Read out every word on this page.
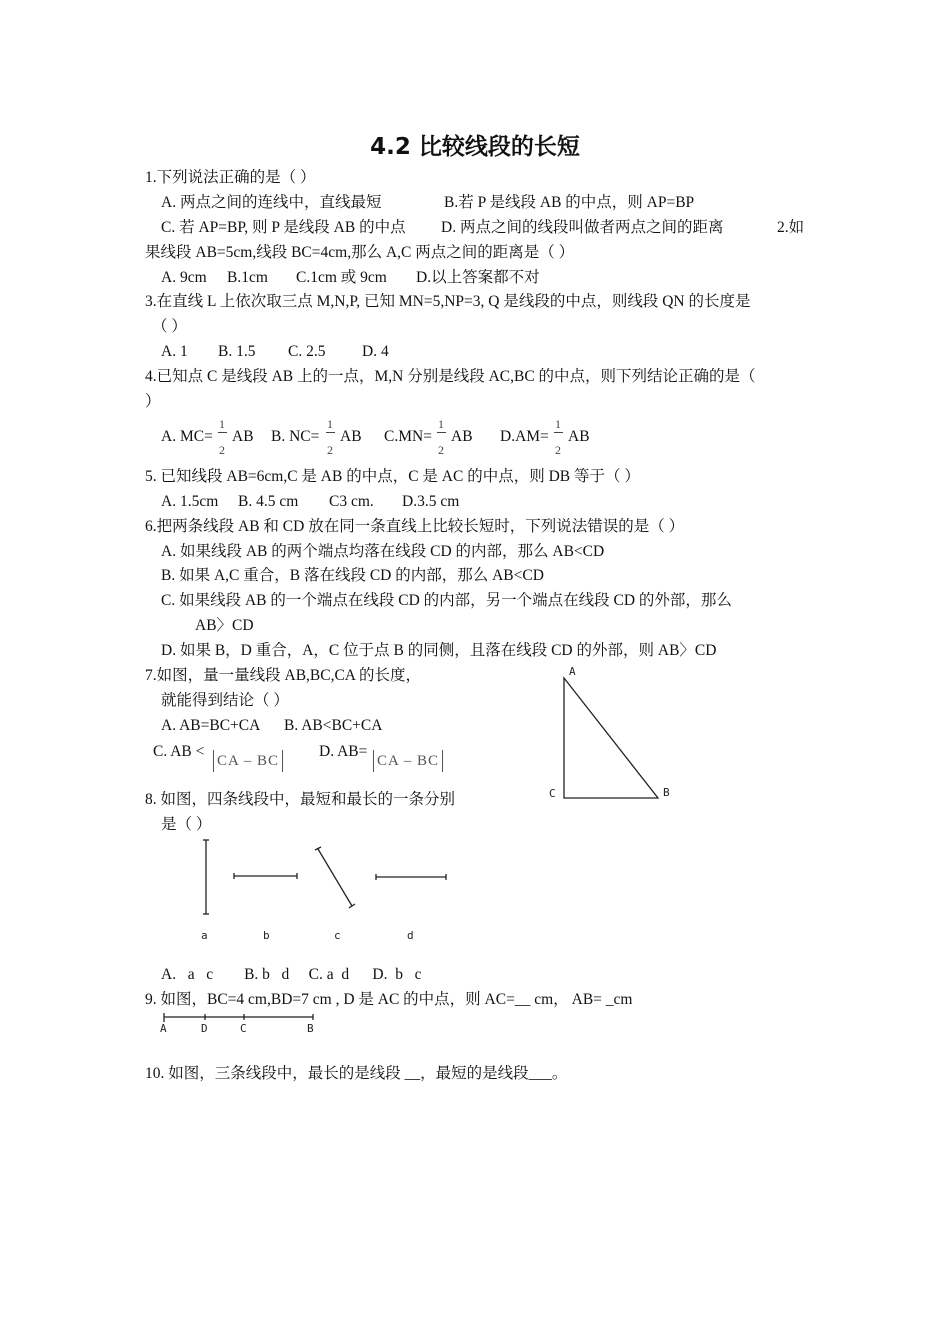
4.2 比较线段的长短
1.下列说法正确的是（ ）
A. 两点之间的连线中，直线最短	B.若 P 是线段 AB 的中点，则 AP=BP
C. 若 AP=BP, 则 P 是线段 AB 的中点 D. 两点之间的线段叫做者两点之间的距离	2.如
果线段 AB=5cm,线段 BC=4cm,那么 A,C 两点之间的距离是（ ）
A. 9cm B.1cm C.1cm 或 9cm D.以上答案都不对
3.在直线 L 上依次取三点 M,N,P, 已知 MN=5,NP=3, Q 是线段的中点，则线段 QN 的长度是
（ ）
A. 1 B. 1.5 C. 2.5 D. 4
4.已知点 C 是线段 AB 上的一点，M,N 分别是线段 AC,BC 的中点，则下列结论正确的是（
）
A. MC=
1
2
AB B. NC=
1
2
AB C.MN=
1
2
AB D.AM=
1
2
AB
5. 已知线段 AB=6cm,C 是 AB 的中点，C 是 AC 的中点，则 DB 等于（ ）
A. 1.5cm B. 4.5 cm C3 cm. D.3.5 cm
6.把两条线段 AB 和 CD 放在同一条直线上比较长短时，下列说法错误的是（ ）
A. 如果线段 AB 的两个端点均落在线段 CD 的内部，那么 AB<CD
B. 如果 A,C 重合，B 落在线段 CD 的内部，那么 AB<CD
C. 如果线段 AB 的一个端点在线段 CD 的内部，另一个端点在线段 CD 的外部，那么
AB〉CD
D. 如果 B，D 重合，A，C 位于点 B 的同侧，且落在线段 CD 的外部，则 AB〉CD
7.如图，量一量线段 AB,BC,CA 的长度，
就能得到结论（ ）
A. AB=BC+CA B. AB<BC+CA
C. AB <
CA – BC
D. AB=
CA – BC
A
C	B
8. 如图，四条线段中，最短和最长的一条分别
是（ ）
a	b	c	d
A.   a   c        B. b   d     C. a  d      D.  b   c
9. 如图，BC=4 cm,BD=7 cm , D 是 AC 的中点，则 AC=__ cm， AB= _cm
A	D	C	B
10. 如图，三条线段中，最长的是线段 __，最短的是线段___。
